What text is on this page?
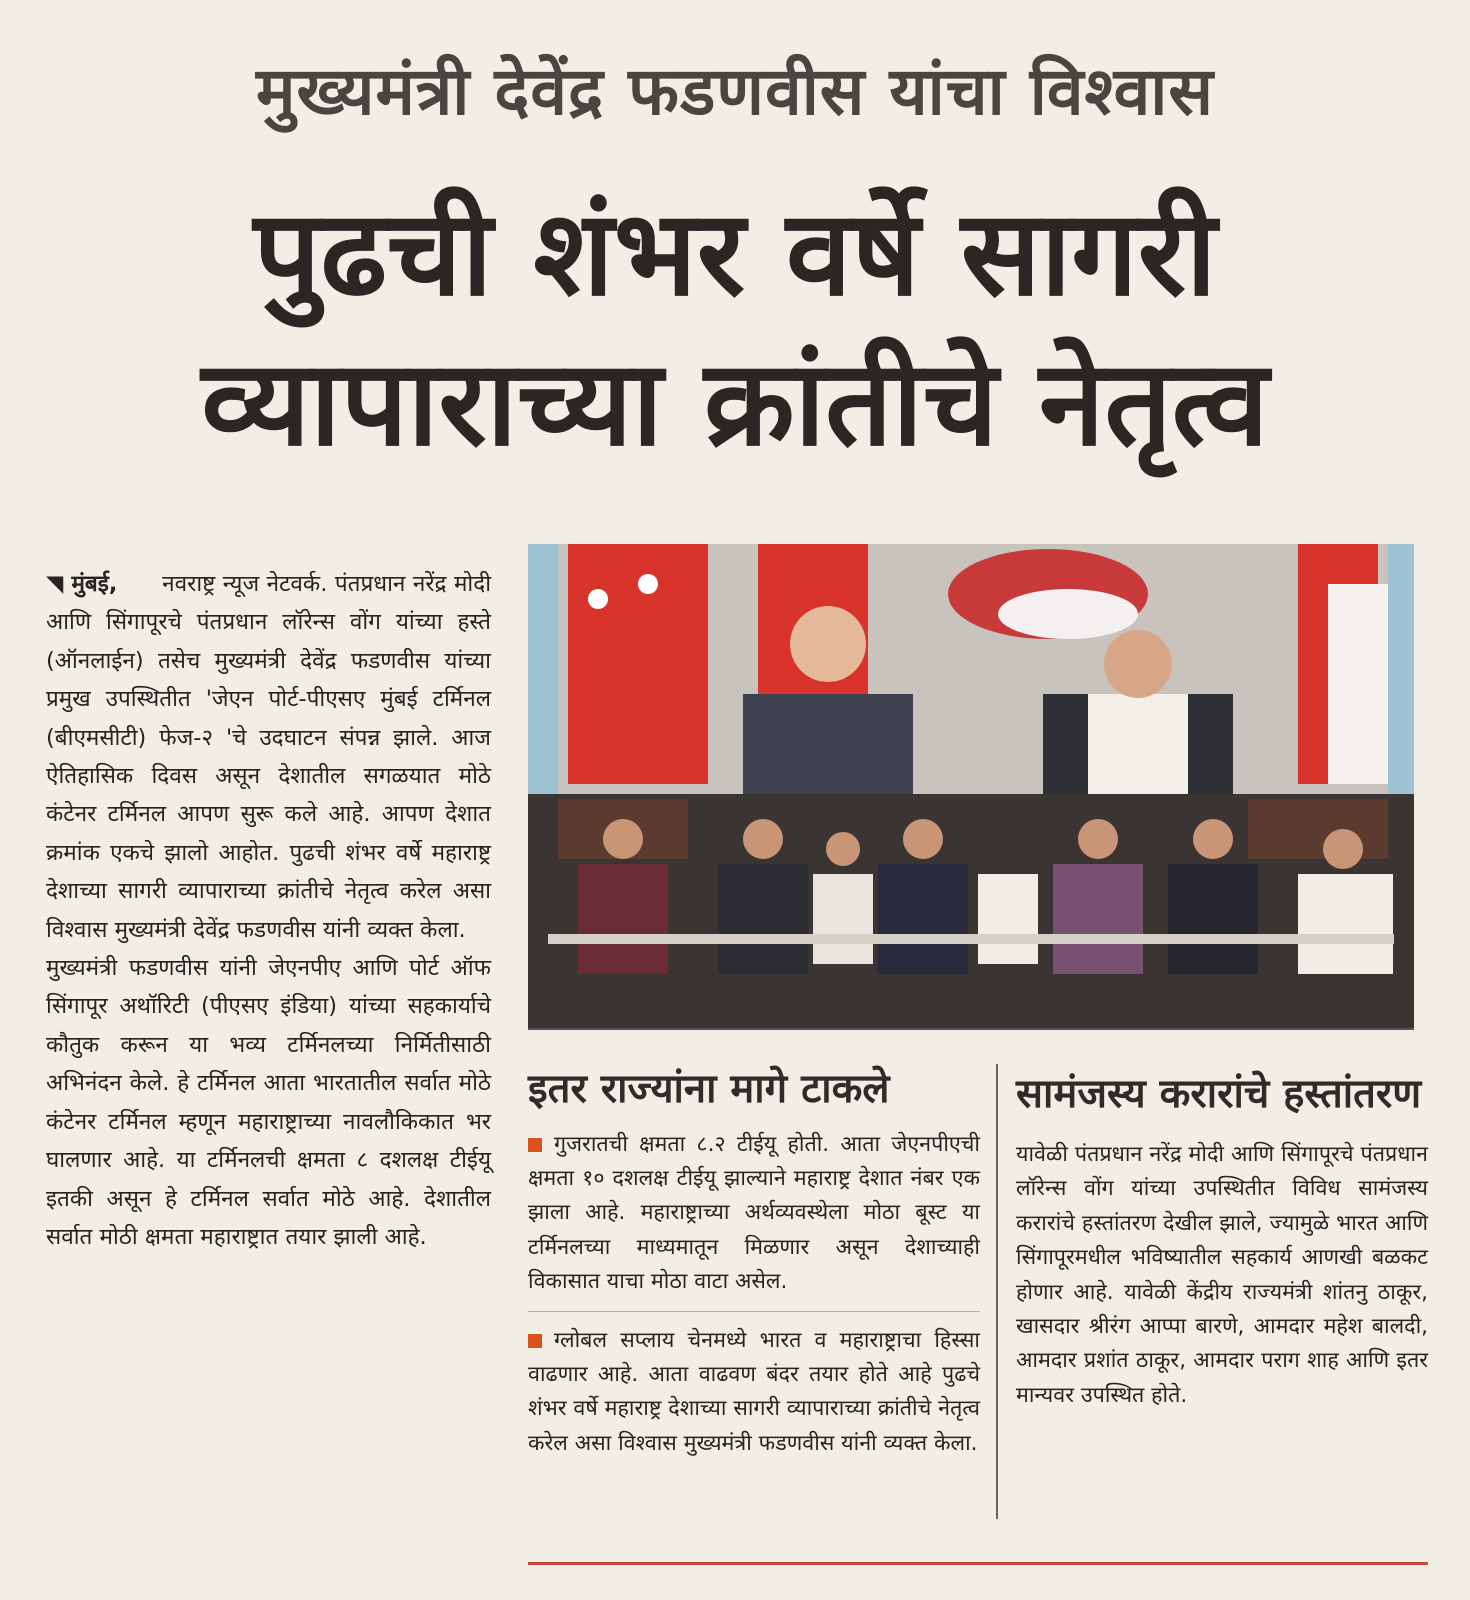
मुख्यमंत्री देवेंद्र फडणवीस यांचा विश्वास
पुढची शंभर वर्षे सागरी
व्यापाराच्या क्रांतीचे नेतृत्व

◥ मुंबई, नवराष्ट्र न्यूज नेटवर्क. पंतप्रधान नरेंद्र मोदी आणि सिंगापूरचे पंतप्रधान लॉरेन्स वोंग यांच्या हस्ते (ऑनलाईन) तसेच मुख्यमंत्री देवेंद्र फडणवीस यांच्या प्रमुख उपस्थितीत 'जेएन पोर्ट-पीएसए मुंबई टर्मिनल (बीएमसीटी) फेज-२ 'चे उदघाटन संपन्न झाले. आज ऐतिहासिक दिवस असून देशातील सगळयात मोठे कंटेनर टर्मिनल आपण सुरू कले आहे. आपण देशात क्रमांक एकचे झालो आहोत. पुढची शंभर वर्षे महाराष्ट्र देशाच्या सागरी व्यापाराच्या क्रांतीचे नेतृत्व करेल असा विश्वास मुख्यमंत्री देवेंद्र फडणवीस यांनी व्यक्त केला.

मुख्यमंत्री फडणवीस यांनी जेएनपीए आणि पोर्ट ऑफ सिंगापूर अथॉरिटी (पीएसए इंडिया) यांच्या सहकार्याचे कौतुक करून या भव्य टर्मिनलच्या निर्मितीसाठी अभिनंदन केले. हे टर्मिनल आता भारतातील सर्वात मोठे कंटेनर टर्मिनल म्हणून महाराष्ट्राच्या नावलौकिकात भर घालणार आहे. या टर्मिनलची क्षमता ८ दशलक्ष टीईयू इतकी असून हे टर्मिनल सर्वात मोठे आहे. देशातील सर्वात मोठी क्षमता महाराष्ट्रात तयार झाली आहे.

इतर राज्यांना मागे टाकले

गुजरातची क्षमता ८.२ टीईयू होती. आता जेएनपीएची क्षमता १० दशलक्ष टीईयू झाल्याने महाराष्ट्र देशात नंबर एक झाला आहे. महाराष्ट्राच्या अर्थव्यवस्थेला मोठा बूस्ट या टर्मिनलच्या माध्यमातून मिळणार असून देशाच्याही विकासात याचा मोठा वाटा असेल.

ग्लोबल सप्लाय चेनमध्ये भारत व महाराष्ट्राचा हिस्सा वाढणार आहे. आता वाढवण बंदर तयार होते आहे पुढचे शंभर वर्षे महाराष्ट्र देशाच्या सागरी व्यापाराच्या क्रांतीचे नेतृत्व करेल असा विश्वास मुख्यमंत्री फडणवीस यांनी व्यक्त केला.

सामंजस्य करारांचे हस्तांतरण

यावेळी पंतप्रधान नरेंद्र मोदी आणि सिंगापूरचे पंतप्रधान लॉरेन्स वोंग यांच्या उपस्थितीत विविध सामंजस्य करारांचे हस्तांतरण देखील झाले, ज्यामुळे भारत आणि सिंगापूरमधील भविष्यातील सहकार्य आणखी बळकट होणार आहे. यावेळी केंद्रीय राज्यमंत्री शांतनु ठाकूर, खासदार श्रीरंग आप्पा बारणे, आमदार महेश बालदी, आमदार प्रशांत ठाकूर, आमदार पराग शाह आणि इतर मान्यवर उपस्थित होते.
